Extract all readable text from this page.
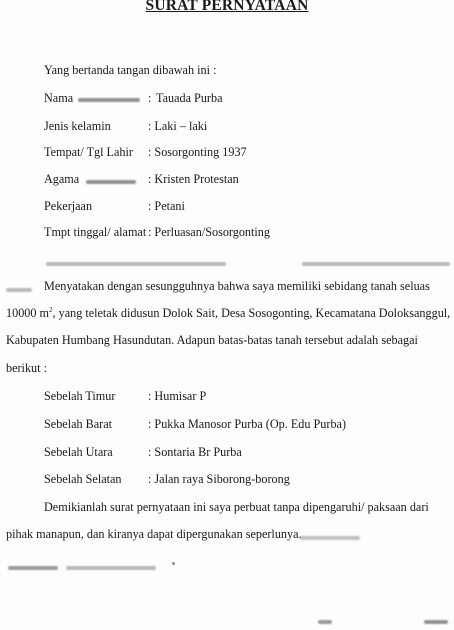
SURAT PERNYATAAN
Yang bertanda tangan dibawah ini :
Nama	: Tauada Purba
Jenis kelamin	: Laki – laki
Tempat/ Tgl Lahir : Sosorgonting 1937
Agama	: Kristen Protestan
Pekerjaan	: Petani
Tmpt tinggal/ alamat : Perluasan/Sosorgonting
Menyatakan dengan sesungguhnya bahwa saya memiliki sebidang tanah seluas
10000 $m^2$, yang teletak didusun Dolok Sait, Desa Sosogonting, Kecamatana Doloksanggul,
Kabupaten Humbang Hasundutan. Adapun batas-batas tanah tersebut adalah sebagai
berikut :
Sebelah Timur	: Humisar P
Sebelah Barat	: Pukka Manosor Purba (Op. Edu Purba)
Sebelah Utara	: Sontaria Br Purba
Sebelah Selatan : Jalan raya Siborong-borong
Demikianlah surat pernyataan ini saya perbuat tanpa dipengaruhi/ paksaan dari
pihak manapun, dan kiranya dapat dipergunakan seperlunya.
